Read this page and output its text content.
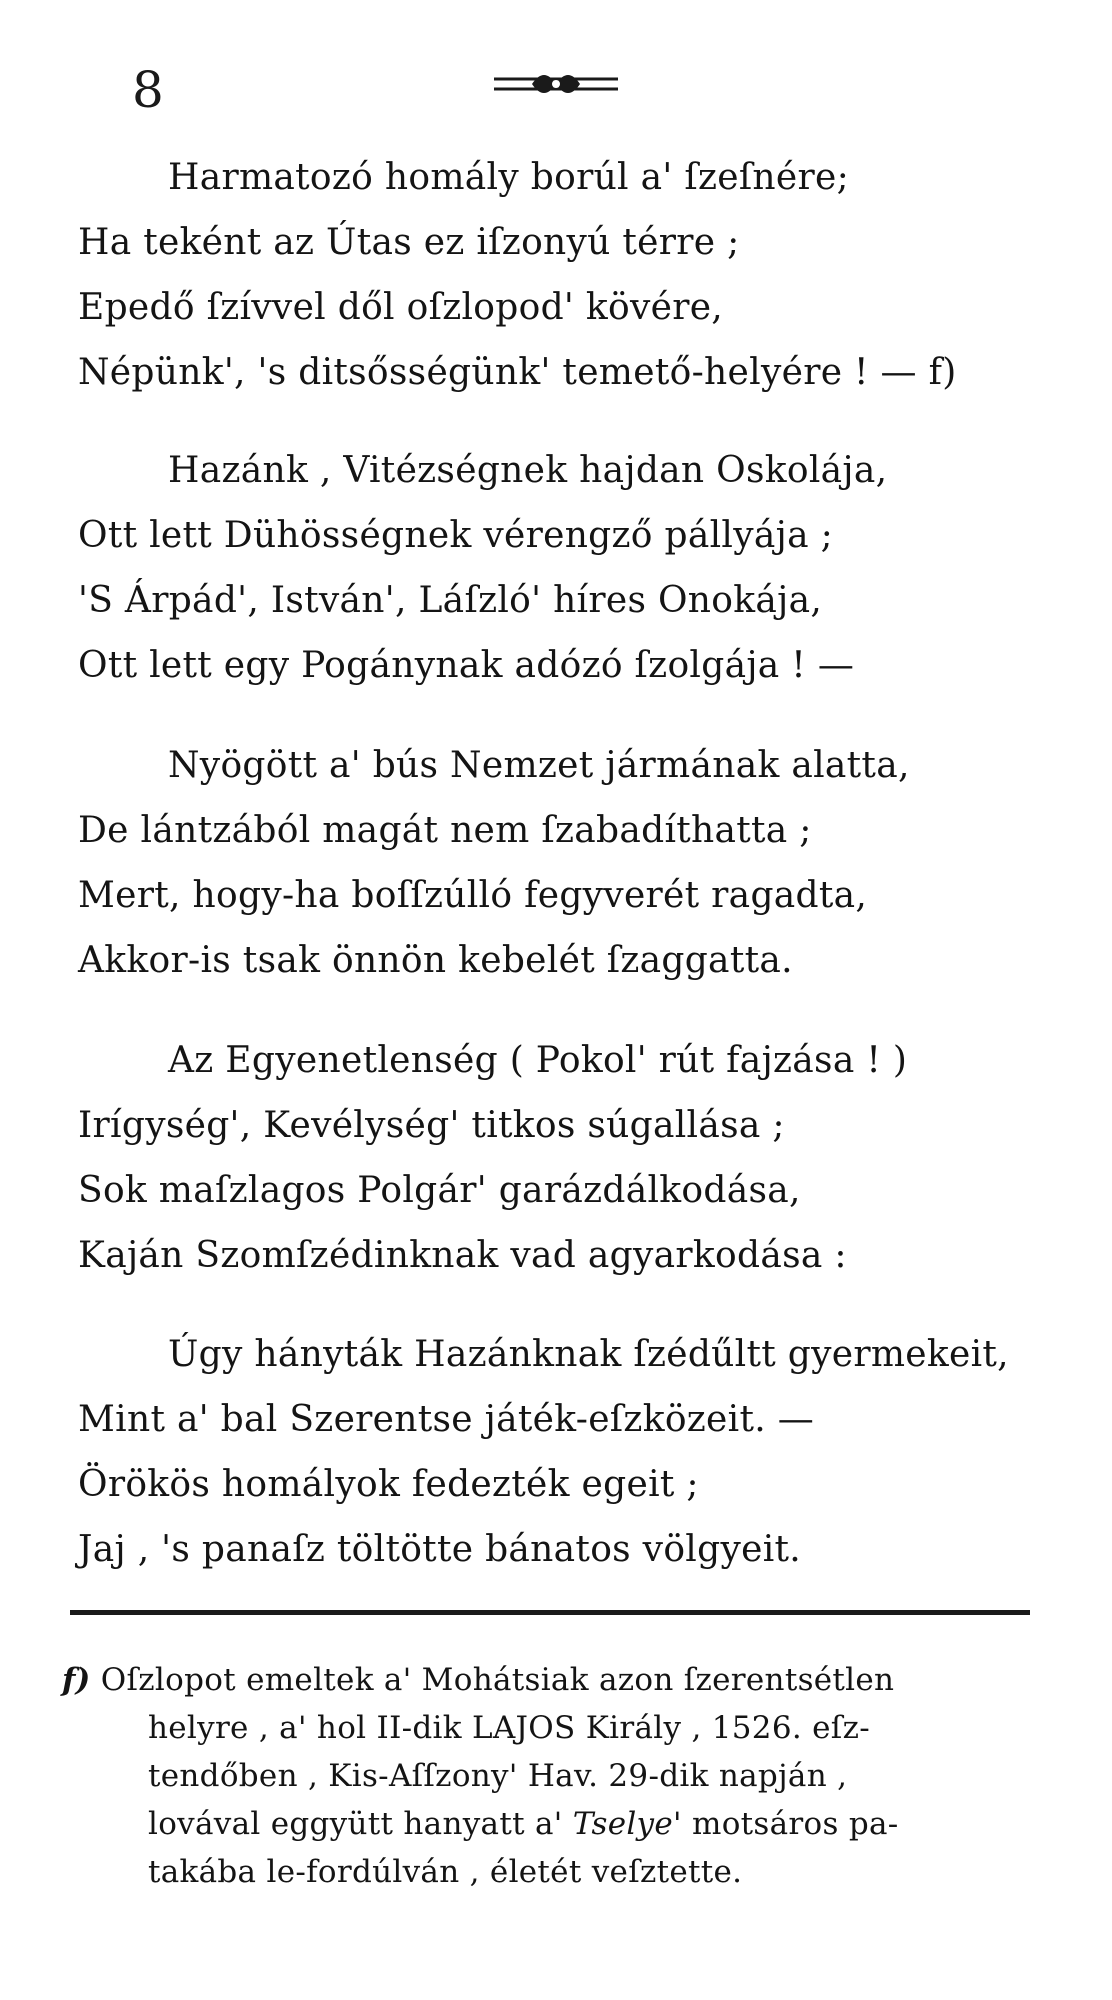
8
Harmatozó homály borúl a' ſzeſnére;
Ha teként az Útas ez iſzonyú térre ;
Epedő ſzívvel dől oſzlopod' kövére,
Népünk', 's ditsősségünk' temető-helyére ! — f)
Hazánk , Vitézségnek hajdan Oskolája,
Ott lett Dühösségnek vérengző pállyája ;
'S Árpád', István', Láſzló' híres Onokája,
Ott lett egy Pogánynak adózó ſzolgája ! —
Nyögött a' bús Nemzet jármának alatta,
De lántzából magát nem ſzabadíthatta ;
Mert, hogy-ha boſſzúlló fegyverét ragadta,
Akkor-is tsak önnön kebelét ſzaggatta.
Az Egyenetlenség ( Pokol' rút fajzása ! )
Irígység', Kevélység' titkos súgallása ;
Sok maſzlagos Polgár' garázdálkodása,
Kaján Szomſzédinknak vad agyarkodása :
Úgy hányták Hazánknak ſzédűltt gyermekeit,
Mint a' bal Szerentse játék-eſzközeit. —
Örökös homályok fedezték egeit ;
Jaj , 's panaſz töltötte bánatos völgyeit.
f) Oſzlopot emeltek a' Mohátsiak azon ſzerentsétlen
helyre , a' hol II-dik LAJOS Király , 1526. eſz-
tendőben , Kis-Aſſzony' Hav. 29-dik napján ,
lovával eggyütt hanyatt a' Tselye' motsáros pa-
takába le-fordúlván , életét veſztette.
